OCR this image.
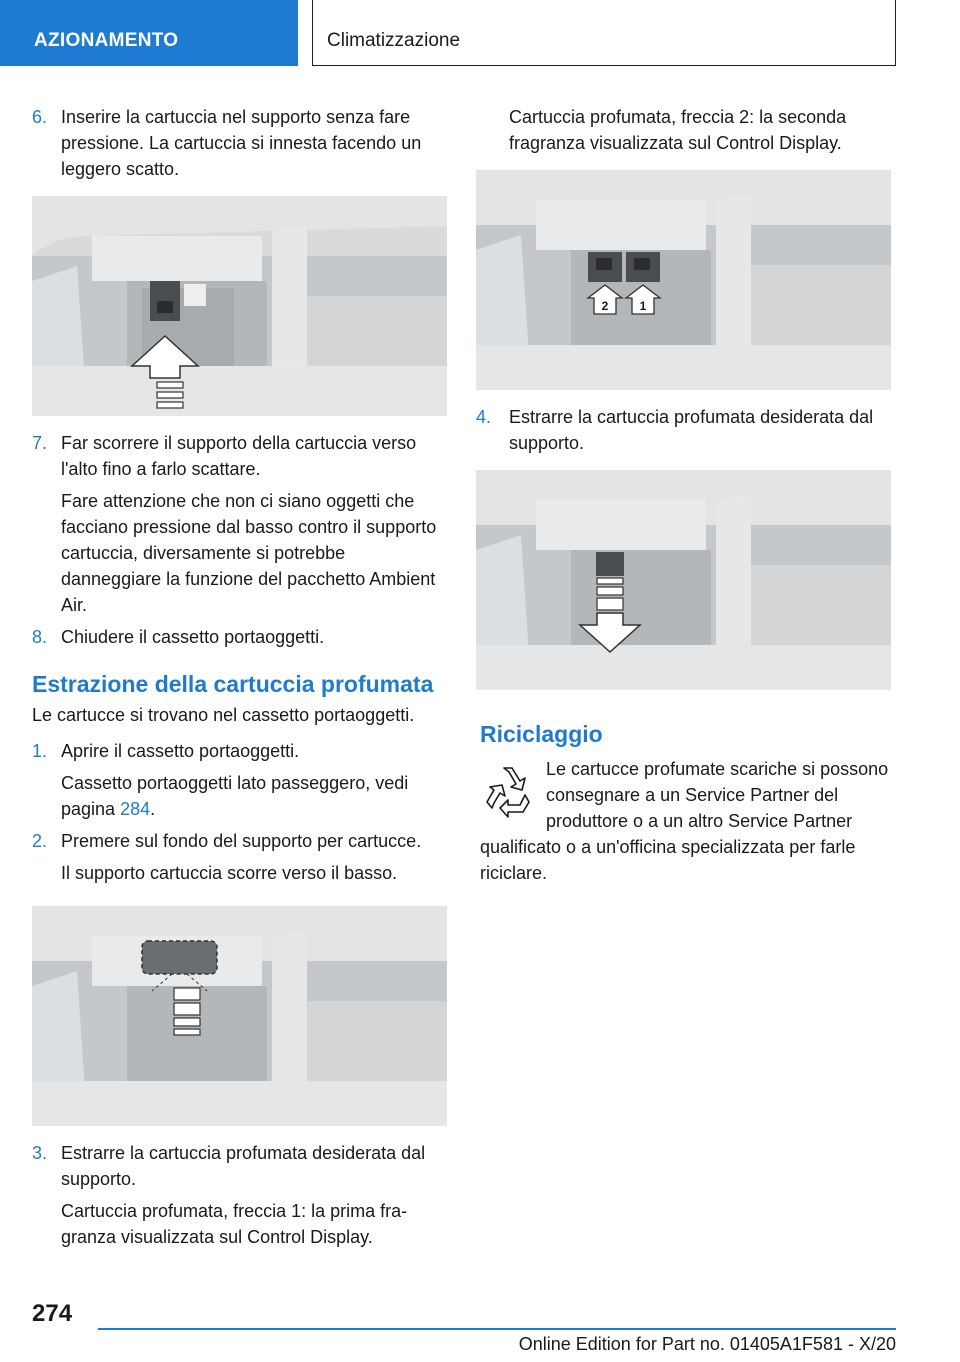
AZIONAMENTO	Climatizzazione
6. Inserire la cartuccia nel supporto senza fare pressione. La cartuccia si innesta facendo un leggero scatto.
7. Far scorrere il supporto della cartuccia verso l'alto fino a farlo scattare.
Fare attenzione che non ci siano oggetti che facciano pressione dal basso contro il supporto cartuccia, diversamente si potrebbe danneggiare la funzione del pacchetto Ambient Air.
8. Chiudere il cassetto portaoggetti.
Estrazione della cartuccia profumata
Le cartucce si trovano nel cassetto portaoggetti.
1. Aprire il cassetto portaoggetti.
Cassetto portaoggetti lato passeggero, vedi pagina 284.
2. Premere sul fondo del supporto per cartucce.
Il supporto cartuccia scorre verso il basso.
3. Estrarre la cartuccia profumata desiderata dal supporto.
Cartuccia profumata, freccia 1: la prima fragranza visualizzata sul Control Display.
Cartuccia profumata, freccia 2: la seconda fragranza visualizzata sul Control Display.
2	1
4. Estrarre la cartuccia profumata desiderata dal supporto.
Riciclaggio
Le cartucce profumate scariche si possono consegnare a un Service Partner del produttore o a un altro Service Partner qualificato o a un'officina specializzata per farle riciclare.
274
Online Edition for Part no. 01405A1F581 - X/20
